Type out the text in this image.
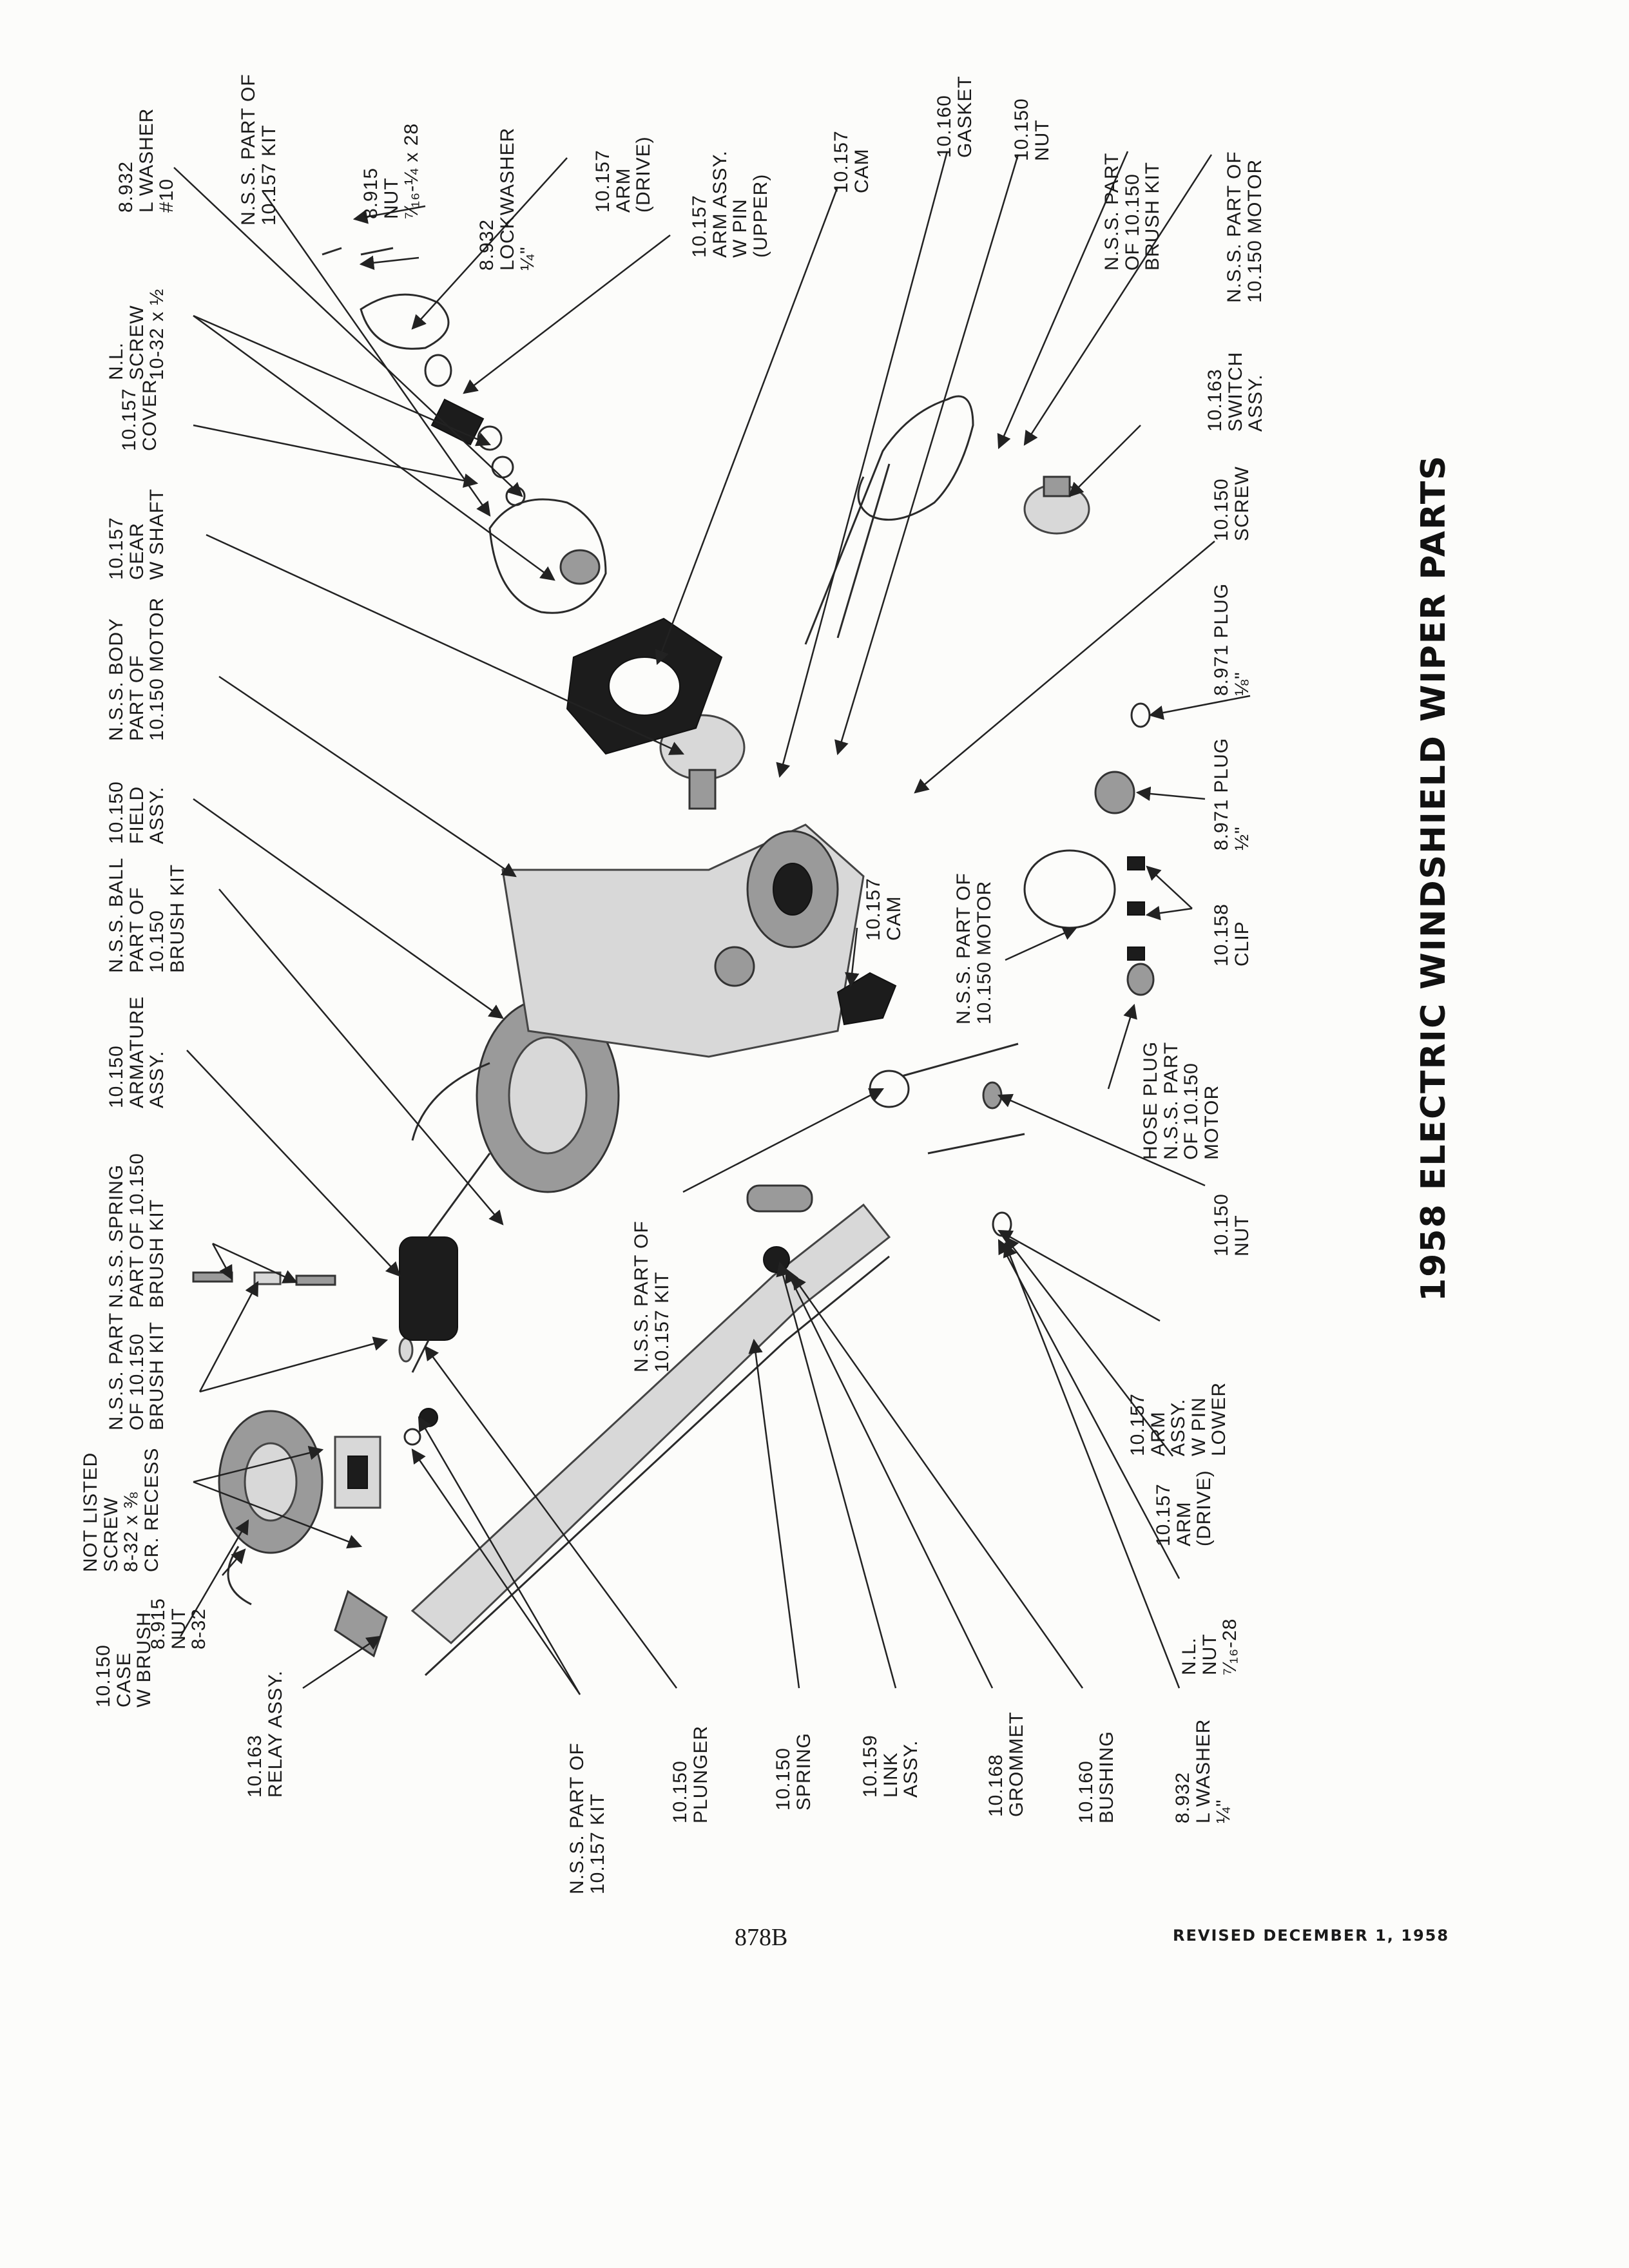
10.150
CASE
W BRUSH
8.915
NUT
8-32
NOT LISTED
SCREW
8-32 x ⅜
CR. RECESS
N.S.S. PART
OF 10.150
BRUSH KIT
N.S.S. SPRING
PART OF 10.150
BRUSH KIT
10.150
ARMATURE
ASSY.
N.S.S. BALL
PART OF
10.150
BRUSH KIT
10.150
FIELD
ASSY.
N.S.S. BODY
PART OF
10.150 MOTOR
10.157
GEAR
W SHAFT
10.157
COVER
N.L.
SCREW
10-32 x ½
8.932
LOCKWASHER
¼"
8.915
NUT
⁷⁄₁₆-¼ x 28
N.S.S. PART OF
10.157 KIT
8.932
L WASHER
#10	10.157
ARM
(DRIVE)
10.157
ARM ASSY.
W PIN
(UPPER)
10.157
CAM
10.160
GASKET 10.150
NUT
N.S.S. PART
OF 10.150
BRUSH KIT
N.S.S. PART OF
10.150 MOTOR
10.163
SWITCH
ASSY.
10.150
SCREW
8.971 PLUG
⅛"
8.971 PLUG
½"
10.158
CLIP
N.S.S. PART OF
10.150 MOTOR
10.157
CAM
HOSE PLUG
N.S.S. PART
OF 10.150
MOTOR
N.S.S. PART OF
10.157 KIT
10.150
NUT
10.157
ARM
ASSY.
W PIN
LOWER
10.157
ARM
(DRIVE)
10.163
RELAY ASSY.
N.S.S. PART OF
10.157 KIT	10.150
PLUNGER	10.150
SPRING 10.159
LINK
ASSY.	10.168
GROMMET	10.160
BUSHING	8.932
L WASHER
¼"
N.L.
NUT
⁷⁄₁₆-28
1958 ELECTRIC WINDSHIELD WIPER PARTS
878B	REVISED DECEMBER 1, 1958
